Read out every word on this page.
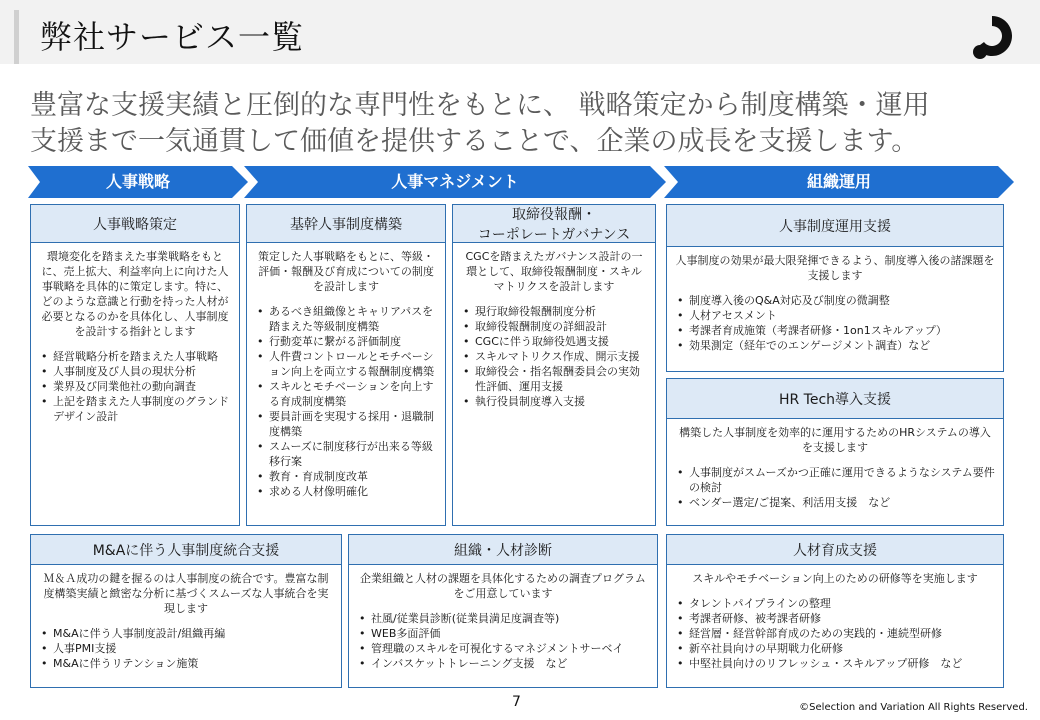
弊社サービス一覧
豊富な支援実績と圧倒的な専門性をもとに、 戦略策定から制度構築・運用
支援まで一気通貫して価値を提供することで、企業の成長を支援します。
人事戦略	人事マネジメント	組織運用
人事戦略策定
環境変化を踏まえた事業戦略をもとに、売上拡大、利益率向上に向けた人事戦略を具体的に策定します。特に、どのような意識と行動を持った人材が必要となるのかを具体化し、人事制度を設計する指針とします
• 経営戦略分析を踏まえた人事戦略
• 人事制度及び人員の現状分析
• 業界及び同業他社の動向調査
• 上記を踏まえた人事制度のグランドデザイン設計
基幹人事制度構築
策定した人事戦略をもとに、等級・評価・報酬及び育成についての制度を設計します
• あるべき組織像とキャリアパスを踏まえた等級制度構築
• 行動変革に繋がる評価制度
• 人件費コントロールとモチベーション向上を両立する報酬制度構築
• スキルとモチベーションを向上する育成制度構築
• 要員計画を実現する採用・退職制度構築
• スムーズに制度移行が出来る等級移行案
• 教育・育成制度改革
• 求める人材像明確化
取締役報酬・
コーポレートガバナンス
CGCを踏まえたガバナンス設計の一環として、取締役報酬制度・スキルマトリクスを設計します
• 現行取締役報酬制度分析
• 取締役報酬制度の詳細設計
• CGCに伴う取締役処遇支援
• スキルマトリクス作成、開示支援
• 取締役会・指名報酬委員会の実効性評価、運用支援
• 執行役員制度導入支援
人事制度運用支援
人事制度の効果が最大限発揮できるよう、制度導入後の諸課題を支援します
• 制度導入後のQ&A対応及び制度の微調整
• 人材アセスメント
• 考課者育成施策（考課者研修・1on1スキルアップ）
• 効果測定（経年でのエンゲージメント調査）など
HR Tech導入支援
構築した人事制度を効率的に運用するためのHRシステムの導入を支援します
• 人事制度がスムーズかつ正確に運用できるようなシステム要件の検討
• ベンダー選定/ご提案、利活用支援　など
M&Aに伴う人事制度統合支援
Ｍ＆Ａ成功の鍵を握るのは人事制度の統合です。豊富な制度構築実績と緻密な分析に基づくスムーズな人事統合を実現します
• M&Aに伴う人事制度設計/組織再編
• 人事PMI支援
• M&Aに伴うリテンション施策
組織・人材診断
企業組織と人材の課題を具体化するための調査プログラムをご用意しています
• 社風/従業員診断(従業員満足度調査等)
• WEB多面評価
• 管理職のスキルを可視化するマネジメントサーベイ
• インバスケットトレーニング支援　など
人材育成支援
スキルやモチベーション向上のための研修等を実施します
• タレントパイプラインの整理
• 考課者研修、被考課者研修
• 経営層・経営幹部育成のための実践的・連続型研修
• 新卒社員向けの早期戦力化研修
• 中堅社員向けのリフレッシュ・スキルアップ研修　など
7	©Selection and Variation All Rights Reserved.
